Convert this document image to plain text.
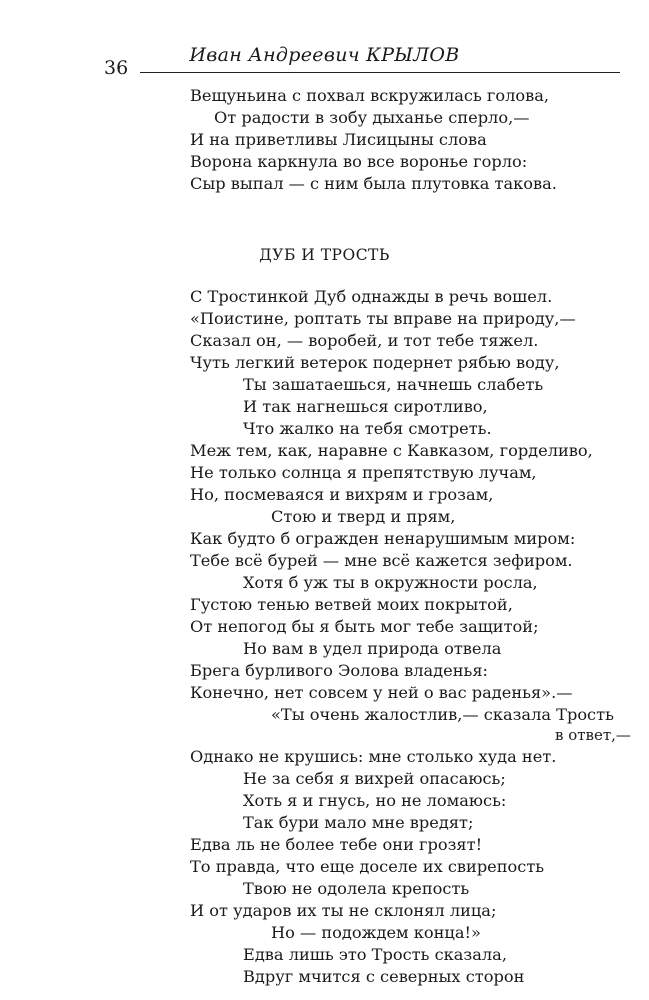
36
Иван Андреевич КРЫЛОВ
Вещуньина с похвал вскружилась голова,
От радости в зобу дыханье сперло,—
И на приветливы Лисицыны слова
Ворона каркнула во все воронье горло:
Сыр выпал — с ним была плутовка такова.
ДУБ И ТРОСТЬ
С Тростинкой Дуб однажды в речь вошел.
«Поистине, роптать ты вправе на природу,—
Сказал он, — воробей, и тот тебе тяжел.
Чуть легкий ветерок подернет рябью воду,
Ты зашатаешься, начнешь слабеть
И так нагнешься сиротливо,
Что жалко на тебя смотреть.
Меж тем, как, наравне с Кавказом, горделиво,
Не только солнца я препятствую лучам,
Но, посмеваяся и вихрям и грозам,
Стою и тверд и прям,
Как будто б огражден ненарушимым миром:
Тебе всё бурей — мне всё кажется зефиром.
Хотя б уж ты в окружности росла,
Густою тенью ветвей моих покрытой,
От непогод бы я быть мог тебе защитой;
Но вам в удел природа отвела
Брега бурливого Эолова владенья:
Конечно, нет совсем у ней о вас раденья».—
«Ты очень жалостлив,— сказала Трость
в ответ,—
Однако не крушись: мне столько худа нет.
Не за себя я вихрей опасаюсь;
Хоть я и гнусь, но не ломаюсь:
Так бури мало мне вредят;
Едва ль не более тебе они грозят!
То правда, что еще доселе их свирепость
Твою не одолела крепость
И от ударов их ты не склонял лица;
Но — подождем конца!»
Едва лишь это Трость сказала,
Вдруг мчится с северных сторон
